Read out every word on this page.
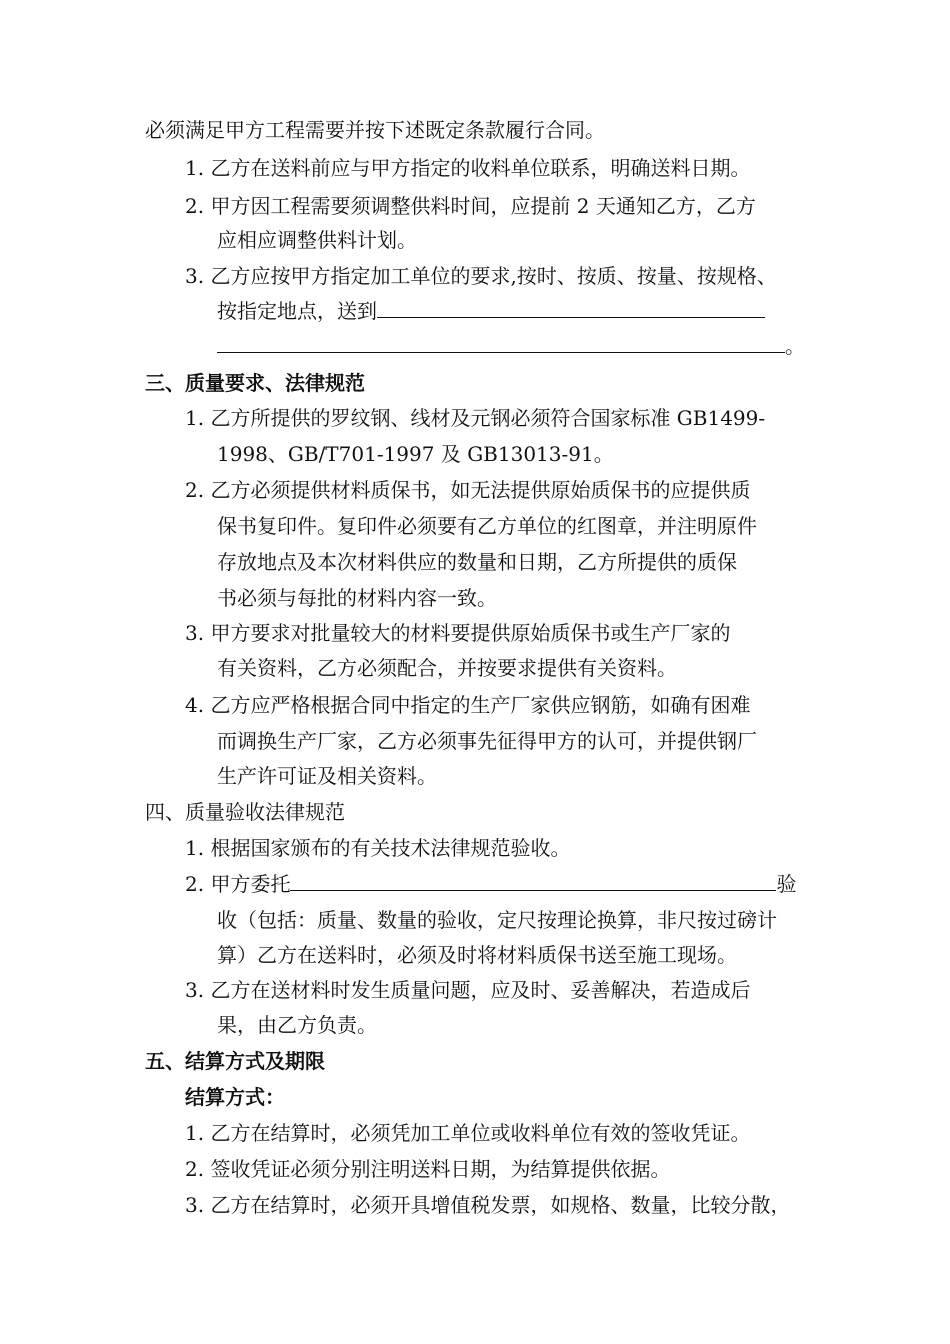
必须满足甲方工程需要并按下述既定条款履行合同。
1. 乙方在送料前应与甲方指定的收料单位联系，明确送料日期。
2. 甲方因工程需要须调整供料时间，应提前 2 天通知乙方，乙方
应相应调整供料计划。
3. 乙方应按甲方指定加工单位的要求,按时、按质、按量、按规格、
按指定地点，送到
。
三、质量要求、法律规范
1. 乙方所提供的罗纹钢、线材及元钢必须符合国家标准 GB1499-
1998、GB/T701-1997 及 GB13013-91。
2. 乙方必须提供材料质保书，如无法提供原始质保书的应提供质
保书复印件。复印件必须要有乙方单位的红图章，并注明原件
存放地点及本次材料供应的数量和日期，乙方所提供的质保
书必须与每批的材料内容一致。
3. 甲方要求对批量较大的材料要提供原始质保书或生产厂家的
有关资料，乙方必须配合，并按要求提供有关资料。
4. 乙方应严格根据合同中指定的生产厂家供应钢筋，如确有困难
而调换生产厂家，乙方必须事先征得甲方的认可，并提供钢厂
生产许可证及相关资料。
四、质量验收法律规范
1. 根据国家颁布的有关技术法律规范验收。
2. 甲方委托	验
收（包括：质量、数量的验收，定尺按理论换算，非尺按过磅计
算）乙方在送料时，必须及时将材料质保书送至施工现场。
3. 乙方在送材料时发生质量问题，应及时、妥善解决，若造成后
果，由乙方负责。
五、结算方式及期限
结算方式：
1. 乙方在结算时，必须凭加工单位或收料单位有效的签收凭证。
2. 签收凭证必须分别注明送料日期，为结算提供依据。
3. 乙方在结算时，必须开具增值税发票，如规格、数量，比较分散，
